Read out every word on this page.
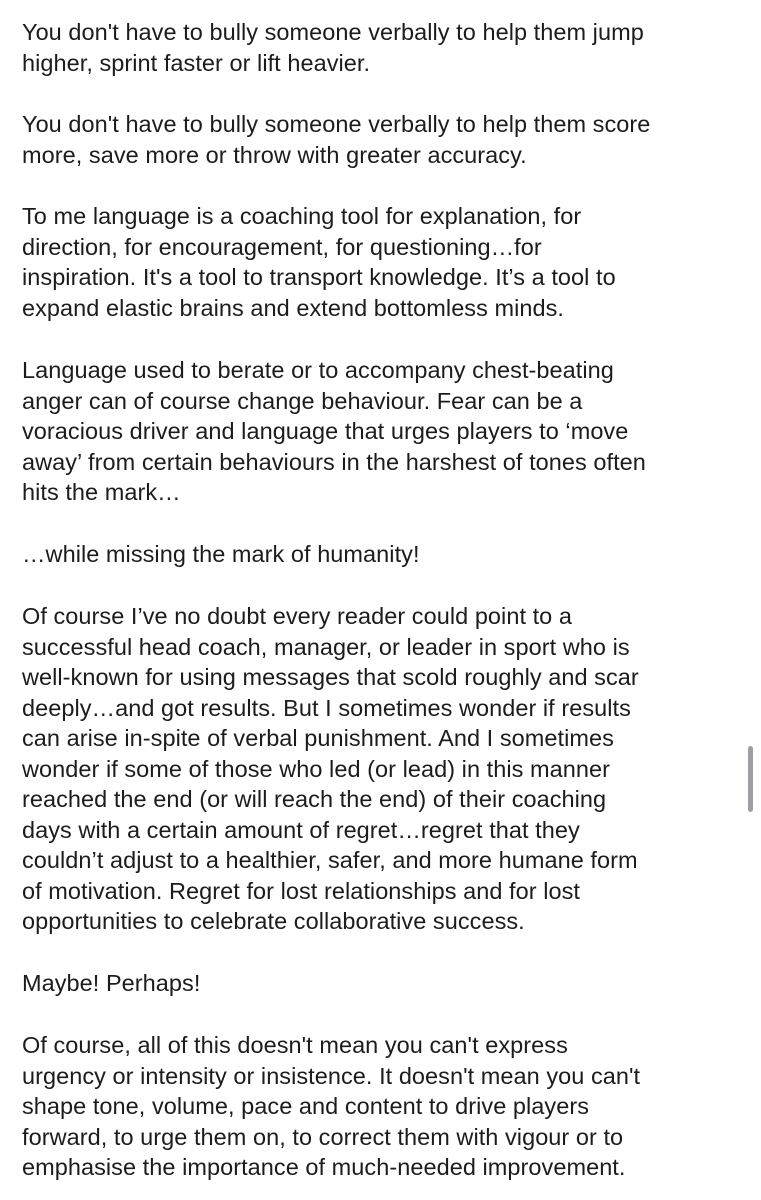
You don't have to bully someone verbally to help them jump
higher, sprint faster or lift heavier.

You don't have to bully someone verbally to help them score
more, save more or throw with greater accuracy.

To me language is a coaching tool for explanation, for
direction, for encouragement, for questioning…for
inspiration. It's a tool to transport knowledge. It’s a tool to
expand elastic brains and extend bottomless minds.

Language used to berate or to accompany chest-beating
anger can of course change behaviour. Fear can be a
voracious driver and language that urges players to ‘move
away’ from certain behaviours in the harshest of tones often
hits the mark…

…while missing the mark of humanity!

Of course I’ve no doubt every reader could point to a
successful head coach, manager, or leader in sport who is
well-known for using messages that scold roughly and scar
deeply…and got results. But I sometimes wonder if results
can arise in-spite of verbal punishment. And I sometimes
wonder if some of those who led (or lead) in this manner
reached the end (or will reach the end) of their coaching
days with a certain amount of regret…regret that they
couldn’t adjust to a healthier, safer, and more humane form
of motivation. Regret for lost relationships and for lost
opportunities to celebrate collaborative success.

Maybe! Perhaps!

Of course, all of this doesn't mean you can't express
urgency or intensity or insistence. It doesn't mean you can't
shape tone, volume, pace and content to drive players
forward, to urge them on, to correct them with vigour or to
emphasise the importance of much-needed improvement.
